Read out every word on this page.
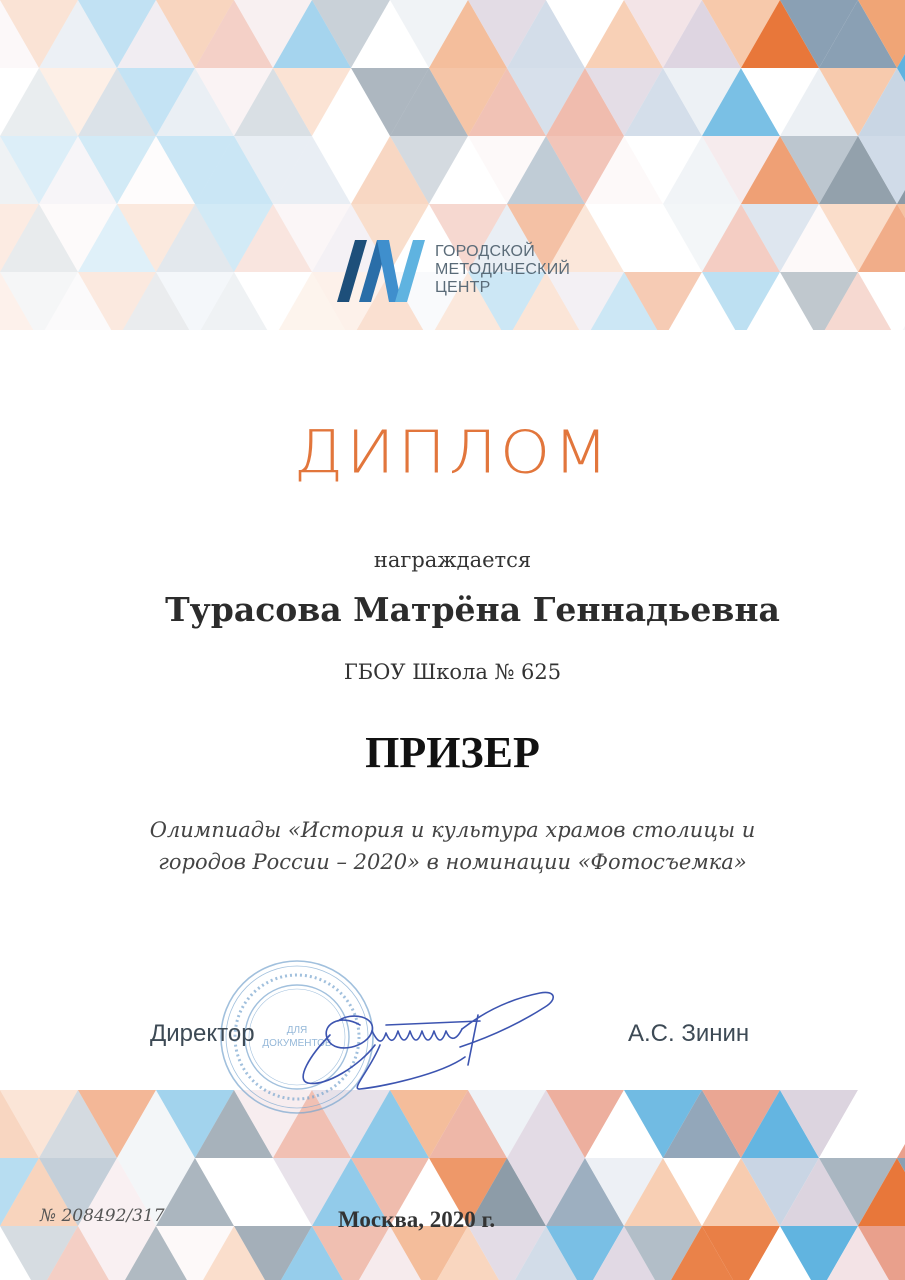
ГОРОДСКОЙ
МЕТОДИЧЕСКИЙ
ЦЕНТР
ДИПЛОМ
награждается
Турасова Матрёна Геннадьевна
ГБОУ Школа № 625
ПРИЗЕР
Олимпиады «История и культура храмов столицы и
городов России – 2020» в номинации «Фотосъемка»
ДЛЯ
ДОКУМЕНТОВ
Директор	А.С. Зинин
№ 208492/317	Москва, 2020 г.
